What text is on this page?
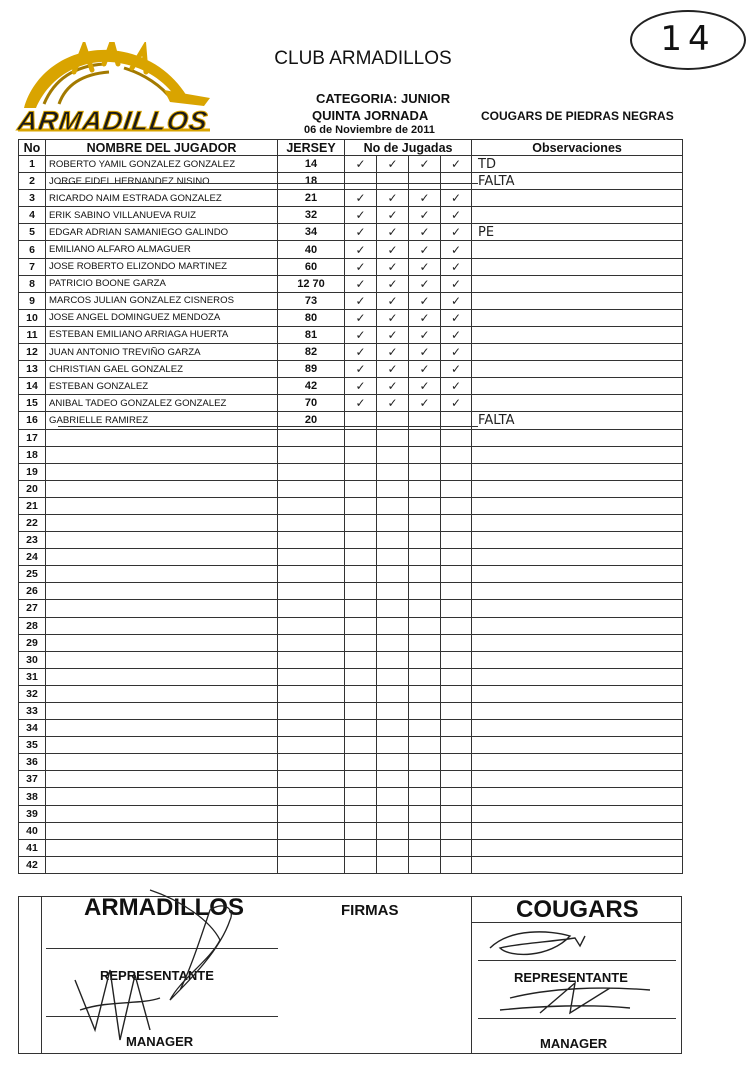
CLUB ARMADILLOS	14
ARMADILLOS
CATEGORIA: JUNIOR
QUINTA JORNADA
06 de Noviembre de 2011
COUGARS DE PIEDRAS NEGRAS
No	NOMBRE DEL JUGADOR	JERSEY	No de Jugadas				Observaciones
1	ROBERTO YAMIL GONZALEZ GONZALEZ	14	✓	✓	✓	✓	TD
2	JORGE FIDEL HERNANDEZ NISINO	18					FALTA
3	RICARDO NAIM ESTRADA GONZALEZ	21	✓	✓	✓	✓	
4	ERIK SABINO VILLANUEVA RUIZ	32	✓	✓	✓	✓	
5	EDGAR ADRIAN SAMANIEGO GALINDO	34	✓	✓	✓	✓	PE
6	EMILIANO ALFARO ALMAGUER	40	✓	✓	✓	✓	
7	JOSE ROBERTO ELIZONDO MARTINEZ	60	✓	✓	✓	✓	
8	PATRICIO BOONE GARZA	12 70	✓	✓	✓	✓	
9	MARCOS JULIAN GONZALEZ CISNEROS	73	✓	✓	✓	✓	
10	JOSE ANGEL DOMINGUEZ MENDOZA	80	✓	✓	✓	✓	
11	ESTEBAN EMILIANO ARRIAGA HUERTA	81	✓	✓	✓	✓	
12	JUAN ANTONIO TREVIÑO GARZA	82	✓	✓	✓	✓	
13	CHRISTIAN GAEL GONZALEZ	89	✓	✓	✓	✓	
14	ESTEBAN GONZALEZ	42	✓	✓	✓	✓	
15	ANIBAL TADEO GONZALEZ GONZALEZ	70	✓	✓	✓	✓	
16	GABRIELLE RAMIREZ	20					FALTA
17							
18							
19							
20							
21							
22							
23							
24							
25							
26							
27							
28							
29							
30							
31							
32							
33							
34							
35							
36							
37							
38							
39							
40							
41							
42							
ARMADILLOS	FIRMAS	COUGARS
REPRESENTANTE
MANAGER
REPRESENTANTE
MANAGER
